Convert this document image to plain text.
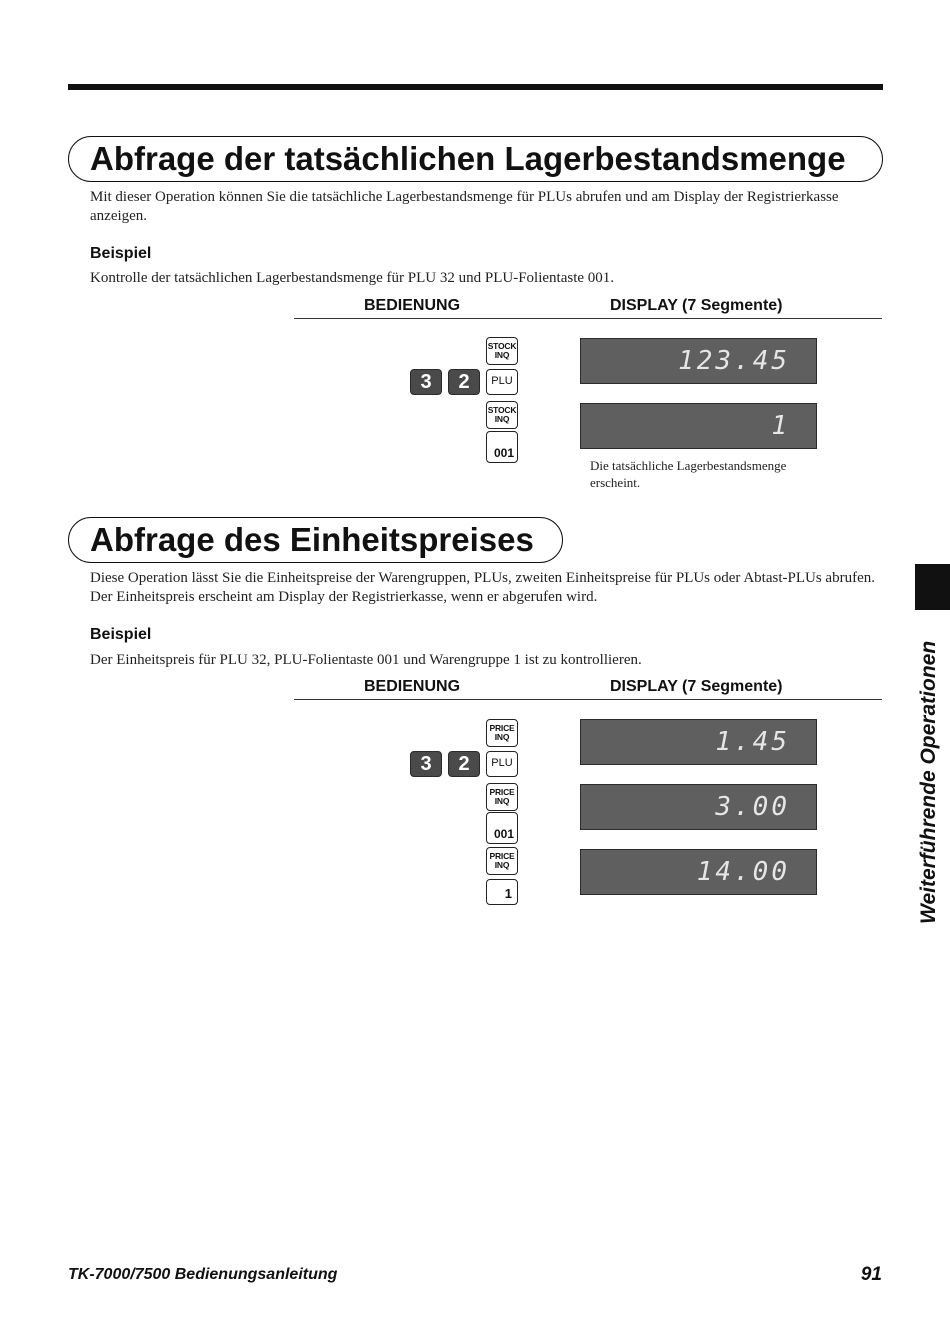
Abfrage der tatsächlichen Lagerbestandsmenge
Mit dieser Operation können Sie die tatsächliche Lagerbestandsmenge für PLUs abrufen und am Display der Registrierkasse anzeigen.
Beispiel
Kontrolle der tatsächlichen Lagerbestandsmenge für PLU 32 und PLU-Folientaste 001.
BEDIENUNG	DISPLAY (7 Segmente)
STOCK
INQ
3	2	PLU
STOCK
INQ
001
123.45
1
Die tatsächliche Lagerbestandsmenge erscheint.
Abfrage des Einheitspreises
Diese Operation lässt Sie die Einheitspreise der Warengruppen, PLUs, zweiten Einheitspreise für PLUs oder Abtast-PLUs abrufen. Der Einheitspreis erscheint am Display der Registrierkasse, wenn er abgerufen wird.
Beispiel
Der Einheitspreis für PLU 32, PLU-Folientaste 001 und Warengruppe 1 ist zu kontrollieren.
BEDIENUNG	DISPLAY (7 Segmente)
PRICE
INQ
3	2	PLU
PRICE
INQ
001
PRICE
INQ
1
1.45
3.00
14.00	Weiterführende Operationen
TK-7000/7500 Bedienungsanleitung	91
